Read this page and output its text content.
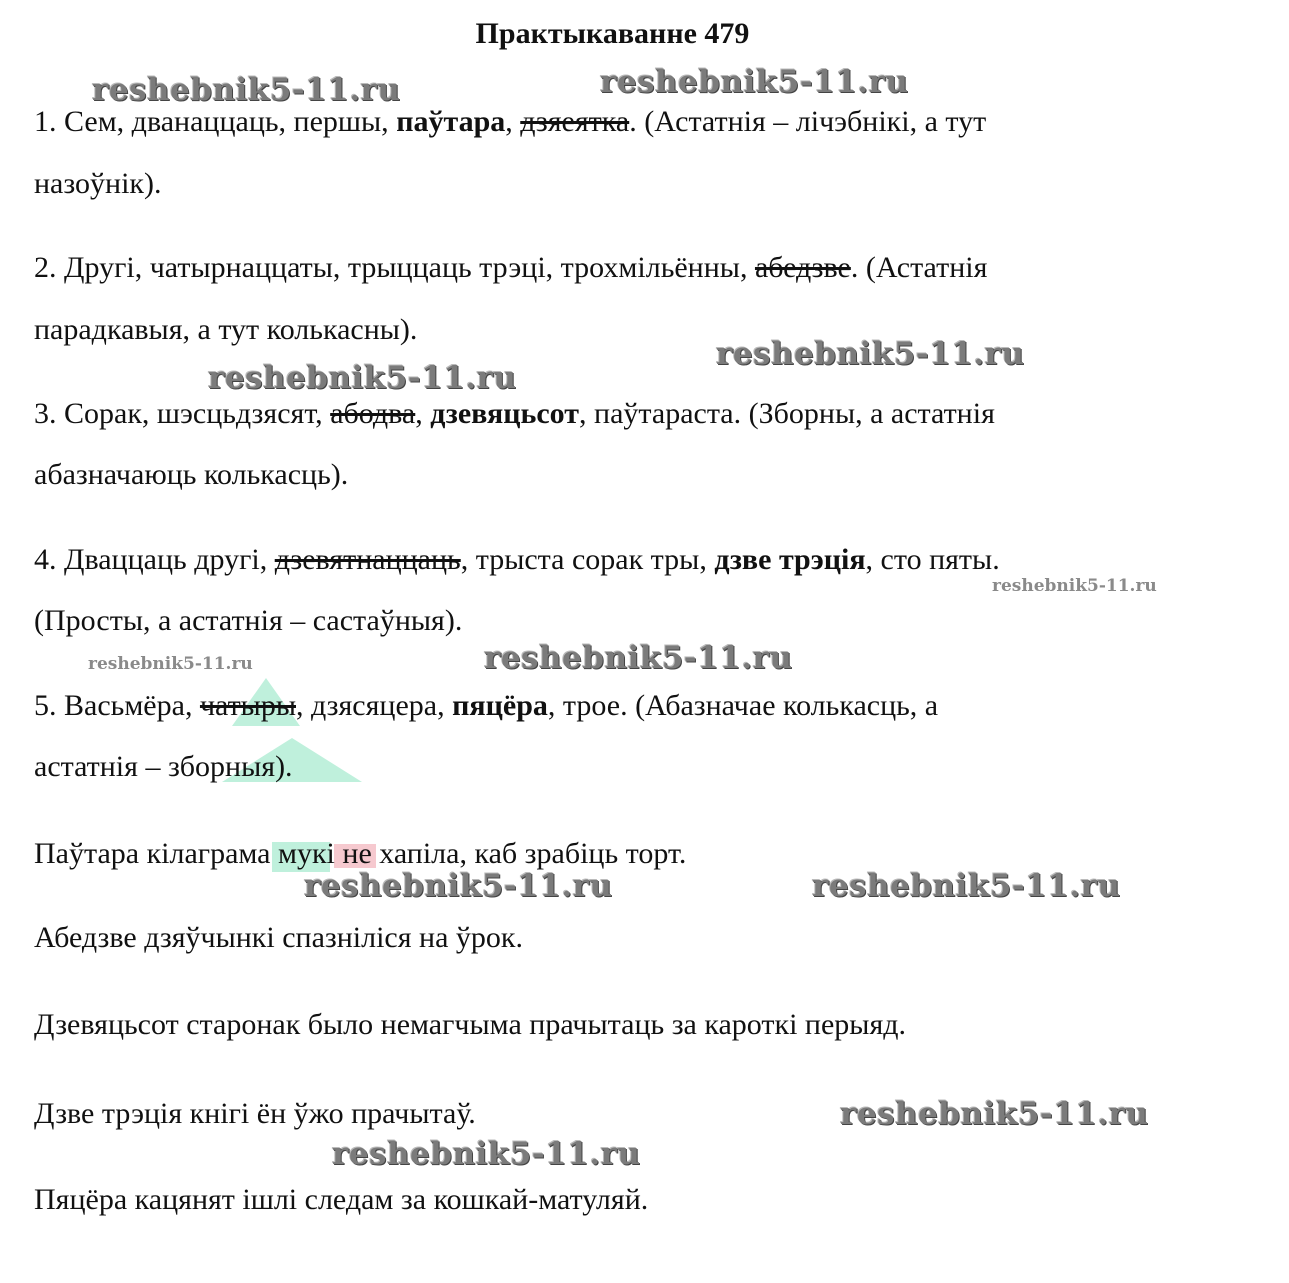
Практыкаванне 479
1. Сем, дванаццаць, першы, паўтара, дзяеятка. (Астатнія – лічэбнікі, а тут
назоўнік).
2. Другі, чатырнаццаты, трыццаць трэці, трохмільённы, абедзве. (Астатнія
парадкавыя, а тут колькасны).
3. Сорак, шэсцьдзясят, абодва, дзевяцьсот, паўтараста. (Зборны, а астатнія
абазначаюць колькасць).
4. Дваццаць другі, дзевятнаццаць, трыста сорак тры, дзве трэція, сто пяты.
(Просты, а астатнія – састаўныя).
5. Васьмёра, чатыры, дзясяцера, пяцёра, трое. (Абазначае колькасць, а
астатнія – зборныя).
Паўтара кілаграма мукі не хапіла, каб зрабіць торт.
Абедзве дзяўчынкі спазніліся на ўрок.
Дзевяцьсот старонак было немагчыма прачытаць за кароткі перыяд.
Дзве трэція кнігі ён ўжо прачытаў.
Пяцёра кацянят ішлі следам за кошкай-матуляй.
reshebnik5-11.ru	reshebnik5-11.ru
reshebnik5-11.ru
reshebnik5-11.ru
reshebnik5-11.ru
reshebnik5-11.ru	reshebnik5-11.ru
reshebnik5-11.ru	reshebnik5-11.ru
reshebnik5-11.ru
reshebnik5-11.ru
